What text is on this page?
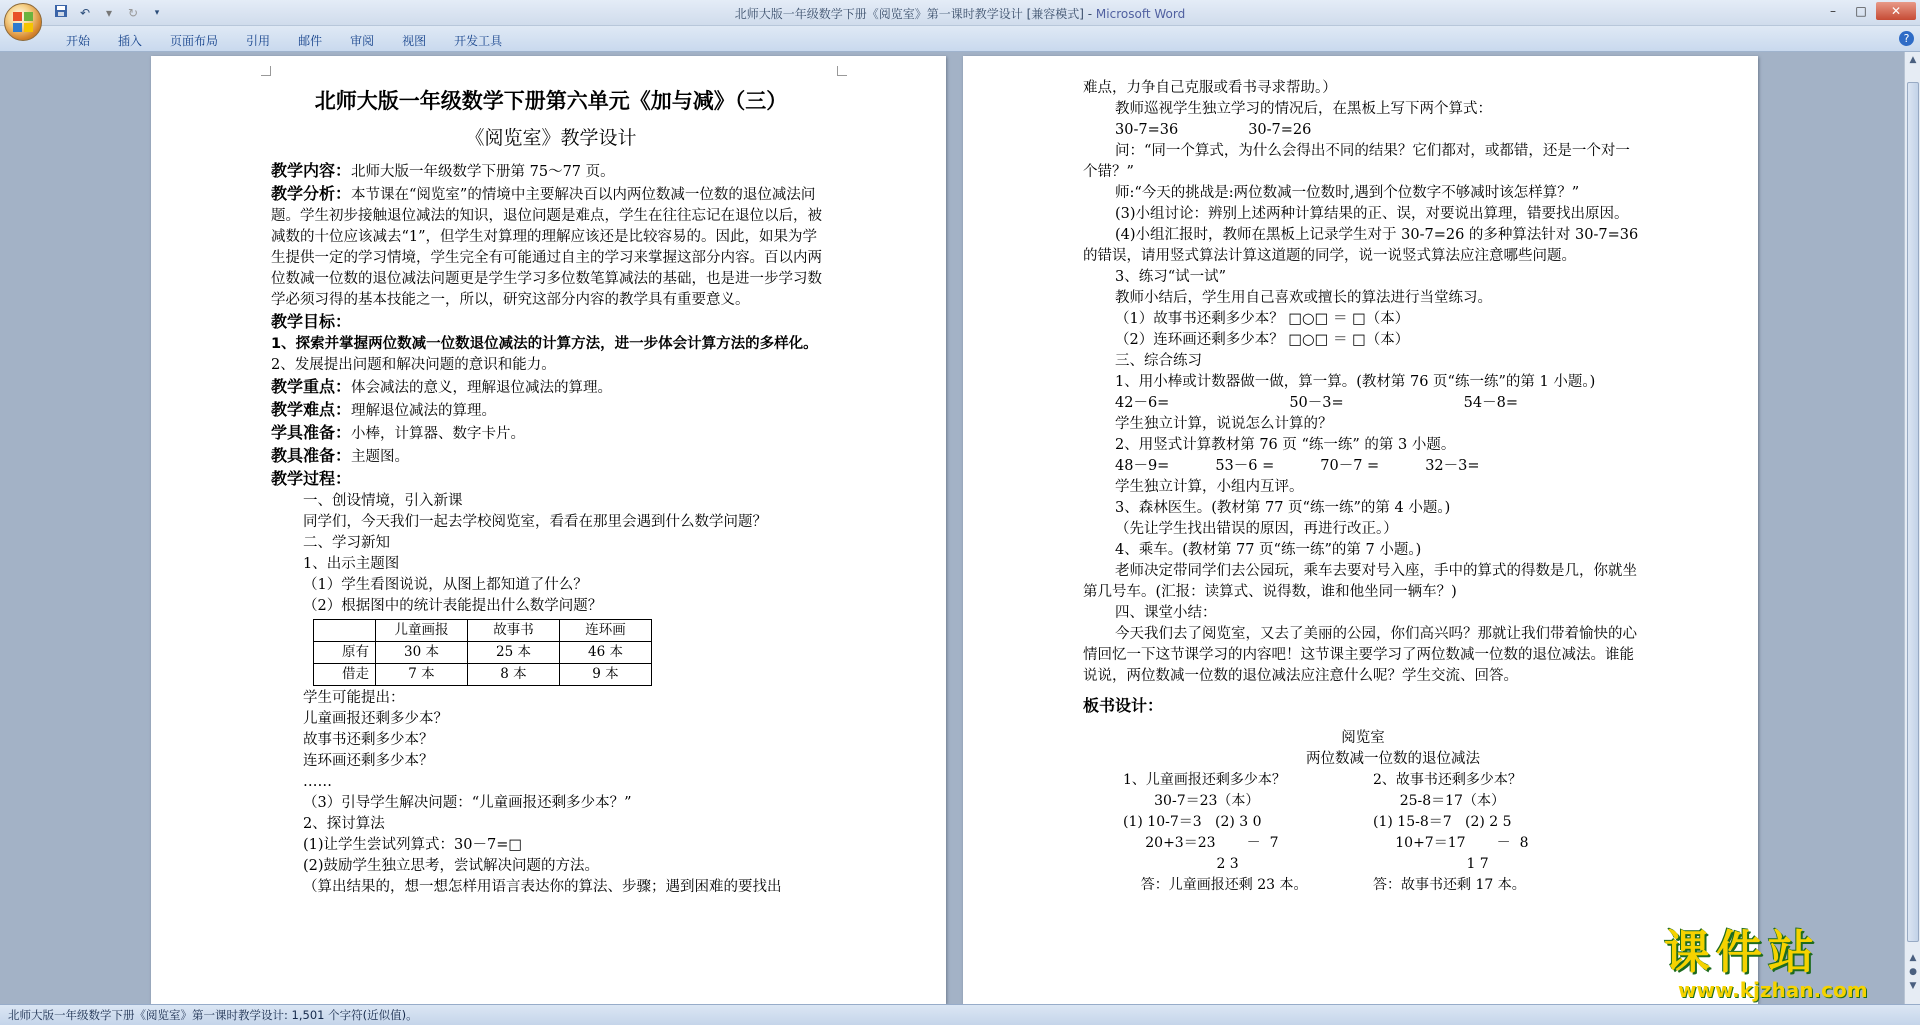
↶	▾	↻	▾	北师大版一年级数学下册《阅览室》第一课时教学设计 [兼容模式] - Microsoft Word	–	□	✕
开始	插入	页面布局	引用	邮件	审阅	视图	开发工具	?
北师大版一年级数学下册第六单元《加与减》（三）
《阅览室》教学设计
教学内容：北师大版一年级数学下册第 75～77 页。
教学分析：本节课在“阅览室”的情境中主要解决百以内两位数减一位数的退位减法问题。学生初步接触退位减法的知识，退位问题是难点，学生在往往忘记在退位以后，被减数的十位应该减去“1”，但学生对算理的理解应该还是比较容易的。因此，如果为学生提供一定的学习情境，学生完全有可能通过自主的学习来掌握这部分内容。百以内两位数减一位数的退位减法问题更是学生学习多位数笔算减法的基础，也是进一步学习数学必须习得的基本技能之一，所以，研究这部分内容的教学具有重要意义。
教学目标：
1、探索并掌握两位数减一位数退位减法的计算方法，进一步体会计算方法的多样化。
2、发展提出问题和解决问题的意识和能力。
教学重点：体会减法的意义，理解退位减法的算理。
教学难点：理解退位减法的算理。
学具准备：小棒，计算器、数字卡片。
教具准备：主题图。
教学过程：
一、创设情境，引入新课
同学们，今天我们一起去学校阅览室，看看在那里会遇到什么数学问题？
二、学习新知
1、出示主题图
（1）学生看图说说，从图上都知道了什么？
（2）根据图中的统计表能提出什么数学问题？
	儿童画报	故事书	连环画
原有	30 本	25 本	46 本
借走	7 本	8 本	9 本
学生可能提出：
儿童画报还剩多少本？
故事书还剩多少本？
连环画还剩多少本？
……
（3）引导学生解决问题：“儿童画报还剩多少本？”
2、探讨算法
(1)让学生尝试列算式：30－7=□
(2)鼓励学生独立思考，尝试解决问题的方法。
（算出结果的，想一想怎样用语言表达你的算法、步骤；遇到困难的要找出
难点，力争自己克服或看书寻求帮助。）
教师巡视学生独立学习的情况后，在黑板上写下两个算式：
30-7=36	30-7=26
问：“同一个算式，为什么会得出不同的结果？它们都对，或都错，还是一个对一个错？”
师:“今天的挑战是:两位数减一位数时,遇到个位数字不够减时该怎样算？”
(3)小组讨论：辨别上述两种计算结果的正、误，对要说出算理，错要找出原因。
(4)小组汇报时，教师在黑板上记录学生对于 30-7=26 的多种算法针对 30-7=36 的错误，请用竖式算法计算这道题的同学，说一说竖式算法应注意哪些问题。
3、练习“试一试”
教师小结后，学生用自己喜欢或擅长的算法进行当堂练习。
（1）故事书还剩多少本？ □○□ ＝ □（本）
（2）连环画还剩多少本？ □○□ ＝ □（本）
三、综合练习
1、用小棒或计数器做一做，算一算。(教材第 76 页“练一练”的第 1 小题。)
42－6=	50－3=	54－8=
学生独立计算，说说怎么计算的？
2、用竖式计算教材第 76 页 “练一练” 的第 3 小题。
48－9=	53－6 =	70－7 =	32－3=
学生独立计算，小组内互评。
3、森林医生。(教材第 77 页“练一练”的第 4 小题。)
（先让学生找出错误的原因，再进行改正。）
4、乘车。(教材第 77 页“练一练”的第 7 小题。)
老师决定带同学们去公园玩，乘车去要对号入座，手中的算式的得数是几，你就坐第几号车。(汇报：读算式、说得数，谁和他坐同一辆车？)
四、课堂小结：
今天我们去了阅览室，又去了美丽的公园，你们高兴吗？那就让我们带着愉快的心情回忆一下这节课学习的内容吧！这节课主要学习了两位数减一位数的退位减法。谁能说说，两位数减一位数的退位减法应注意什么呢？学生交流、回答。
板书设计：
阅览室
两位数减一位数的退位减法
1、儿童画报还剩多少本？
30-7＝23（本）
(1) 10-7＝3   (2) 3 0
20+3＝23       －  7
2 3
答：儿童画报还剩 23 本。
2、故事书还剩多少本？
25-8＝17（本）
(1) 15-8＝7   (2) 2 5
10+7＝17       －  8
1 7
答：故事书还剩 17 本。
▲
▲
●
▼
北师大版一年级数学下册《阅览室》第一课时教学设计: 1,501 个字符(近似值)。
课件站
www.kjzhan.com
